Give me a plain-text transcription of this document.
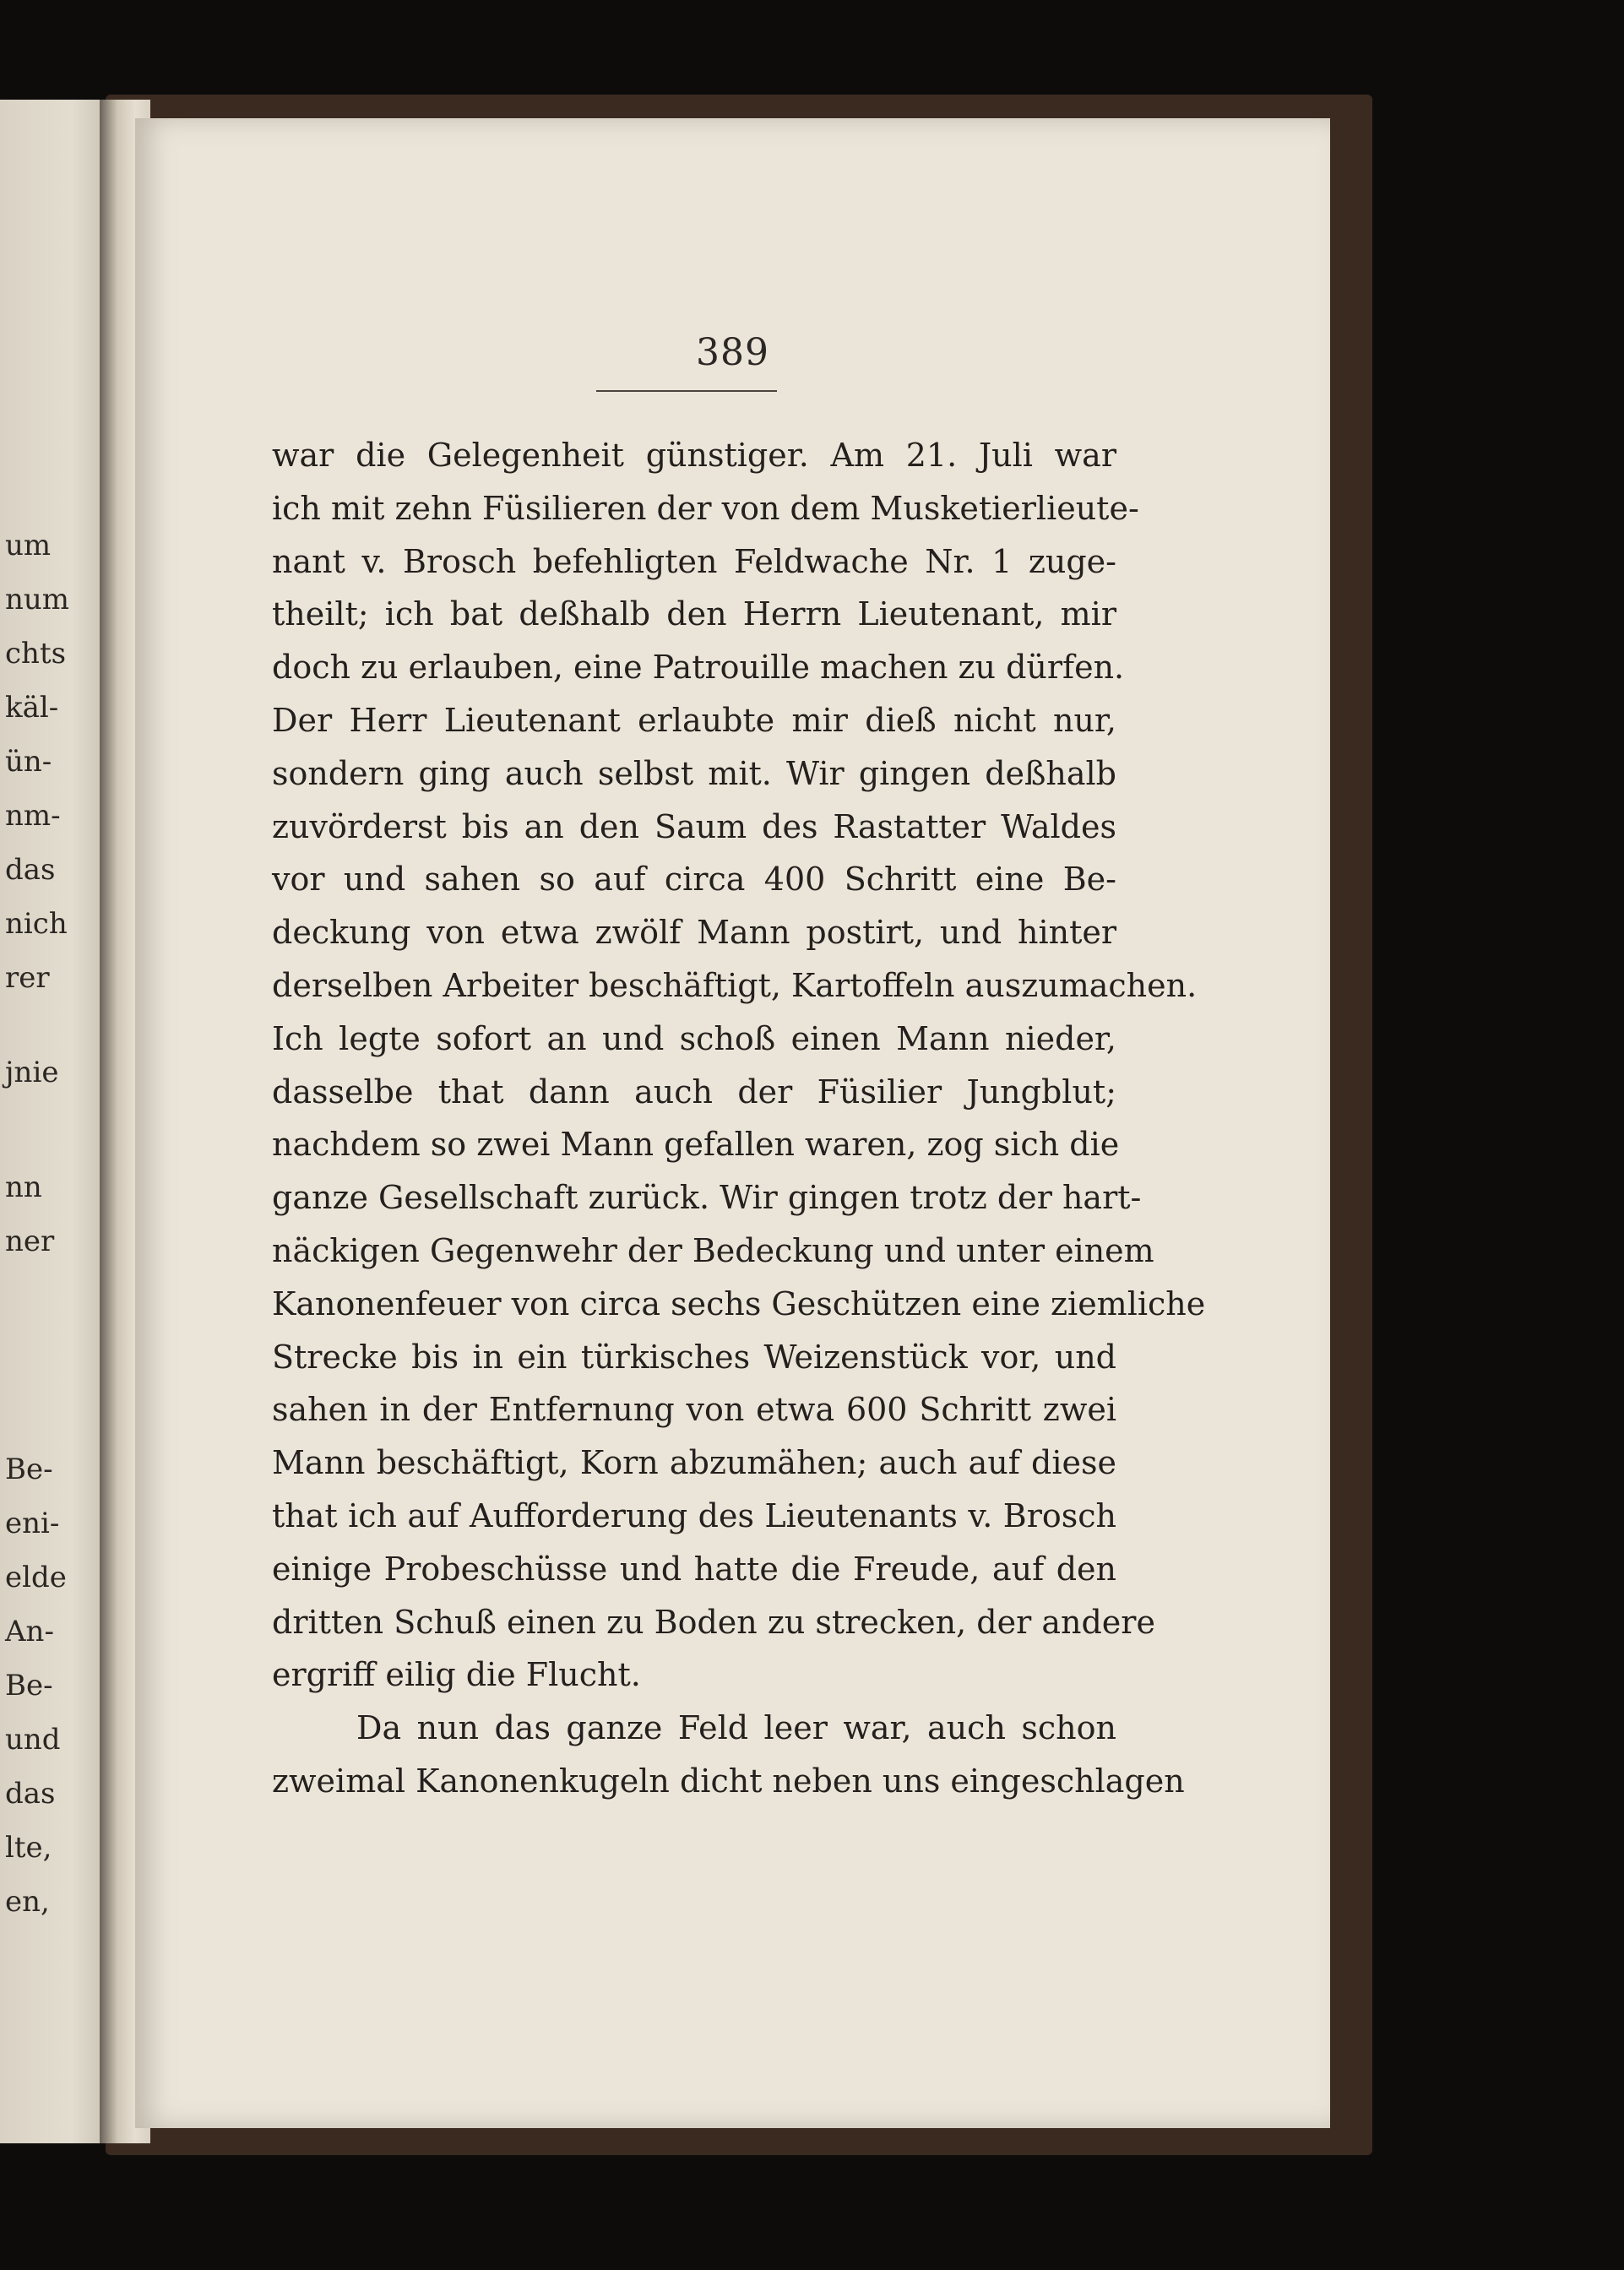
um
num
chts
käl-
ün-
nm-
das
nich
rer
jnie
nn
ner
Be-
eni-
elde
An-
Be-
und
das
lte,
en,
389
war die Gelegenheit günstiger. Am 21. Juli war
ich mit zehn Füsilieren der von dem Musketierlieute-
nant v. Brosch befehligten Feldwache Nr. 1 zuge-
theilt; ich bat deßhalb den Herrn Lieutenant, mir
doch zu erlauben, eine Patrouille machen zu dürfen.
Der Herr Lieutenant erlaubte mir dieß nicht nur,
sondern ging auch selbst mit. Wir gingen deßhalb
zuvörderst bis an den Saum des Rastatter Waldes
vor und sahen so auf circa 400 Schritt eine Be-
deckung von etwa zwölf Mann postirt, und hinter
derselben Arbeiter beschäftigt, Kartoffeln auszumachen.
Ich legte sofort an und schoß einen Mann nieder,
dasselbe that dann auch der Füsilier Jungblut;
nachdem so zwei Mann gefallen waren, zog sich die
ganze Gesellschaft zurück. Wir gingen trotz der hart-
näckigen Gegenwehr der Bedeckung und unter einem
Kanonenfeuer von circa sechs Geschützen eine ziemliche
Strecke bis in ein türkisches Weizenstück vor, und
sahen in der Entfernung von etwa 600 Schritt zwei
Mann beschäftigt, Korn abzumähen; auch auf diese
that ich auf Aufforderung des Lieutenants v. Brosch
einige Probeschüsse und hatte die Freude, auf den
dritten Schuß einen zu Boden zu strecken, der andere
ergriff eilig die Flucht.
Da nun das ganze Feld leer war, auch schon
zweimal Kanonenkugeln dicht neben uns eingeschlagen
